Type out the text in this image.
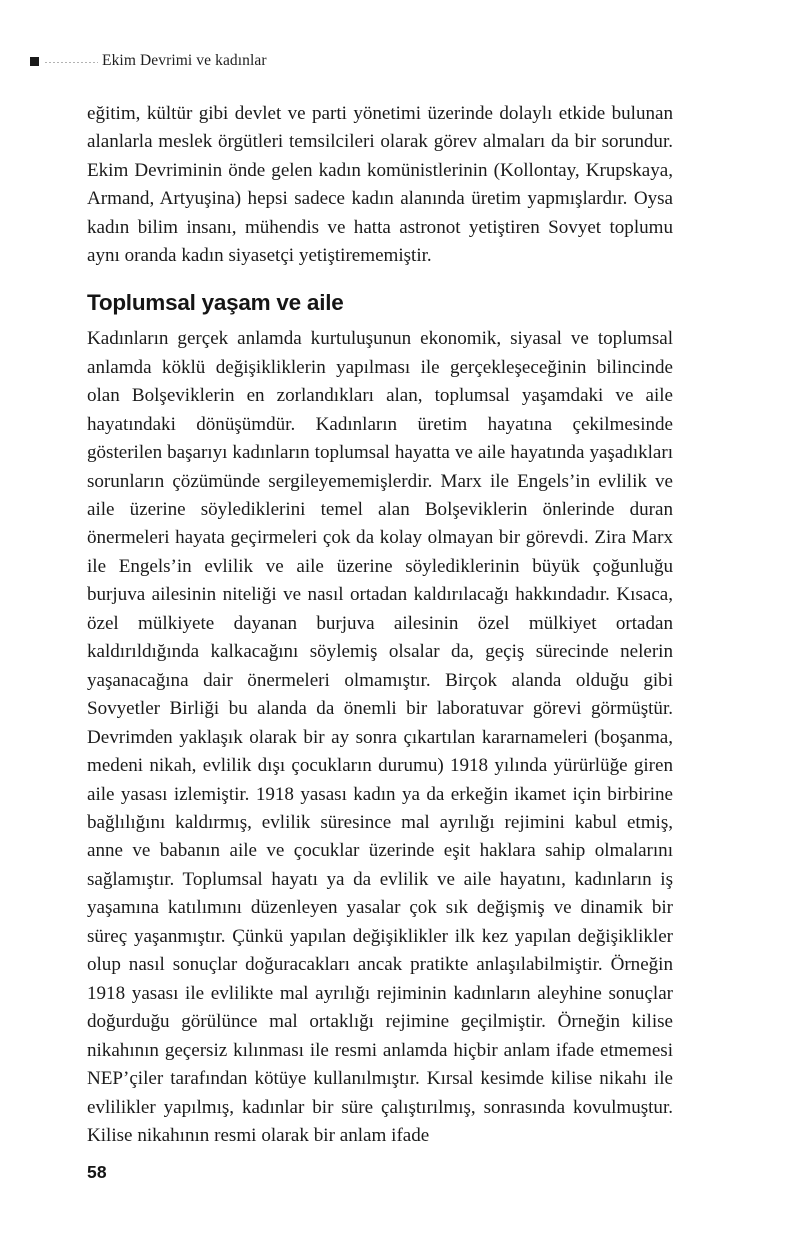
Ekim Devrimi ve kadınlar

eğitim, kültür gibi devlet ve parti yönetimi üzerinde dolaylı etkide bulunan alanlarla meslek örgütleri temsilcileri olarak görev almaları da bir sorundur. Ekim Devriminin önde gelen kadın komünistlerinin (Kollontay, Krupskaya, Armand, Artyuşina) hepsi sadece kadın alanında üretim yapmışlardır. Oysa kadın bilim insanı, mühendis ve hatta astronot yetiştiren Sovyet toplumu aynı oranda kadın siyasetçi yetiştirememiştir.

Toplumsal yaşam ve aile

Kadınların gerçek anlamda kurtuluşunun ekonomik, siyasal ve toplumsal anlamda köklü değişikliklerin yapılması ile gerçekleşeceğinin bilincinde olan Bolşeviklerin en zorlandıkları alan, toplumsal yaşamdaki ve aile hayatındaki dönüşümdür. Kadınların üretim hayatına çekilmesinde gösterilen başarıyı kadınların toplumsal hayatta ve aile hayatında yaşadıkları sorunların çözümünde sergileyememişlerdir. Marx ile Engels’in evlilik ve aile üzerine söylediklerini temel alan Bolşeviklerin önlerinde duran önermeleri hayata geçirmeleri çok da kolay olmayan bir görevdi. Zira Marx ile Engels’in evlilik ve aile üzerine söylediklerinin büyük çoğunluğu burjuva ailesinin niteliği ve nasıl ortadan kaldırılacağı hakkındadır. Kısaca, özel mülkiyete dayanan burjuva ailesinin özel mülkiyet ortadan kaldırıldığında kalkacağını söylemiş olsalar da, geçiş sürecinde nelerin yaşanacağına dair önermeleri olmamıştır. Birçok alanda olduğu gibi Sovyetler Birliği bu alanda da önemli bir laboratuvar görevi görmüştür. Devrimden yaklaşık olarak bir ay sonra çıkartılan kararnameleri (boşanma, medeni nikah, evlilik dışı çocukların durumu) 1918 yılında yürürlüğe giren aile yasası izlemiştir. 1918 yasası kadın ya da erkeğin ikamet için birbirine bağlılığını kaldırmış, evlilik süresince mal ayrılığı rejimini kabul etmiş, anne ve babanın aile ve çocuklar üzerinde eşit haklara sahip olmalarını sağlamıştır. Toplumsal hayatı ya da evlilik ve aile hayatını, kadınların iş yaşamına katılımını düzenleyen yasalar çok sık değişmiş ve dinamik bir süreç yaşanmıştır. Çünkü yapılan değişiklikler ilk kez yapılan değişiklikler olup nasıl sonuçlar doğuracakları ancak pratikte anlaşılabilmiştir. Örneğin 1918 yasası ile evlilikte mal ayrılığı rejiminin kadınların aleyhine sonuçlar doğurduğu görülünce mal ortaklığı rejimine geçilmiştir. Örneğin kilise nikahının geçersiz kılınması ile resmi anlamda hiçbir anlam ifade etmemesi NEP’çiler tarafından kötüye kullanılmıştır. Kırsal kesimde kilise nikahı ile evlilikler yapılmış, kadınlar bir süre çalıştırılmış, sonrasında kovulmuştur. Kilise nikahının resmi olarak bir anlam ifade

58
